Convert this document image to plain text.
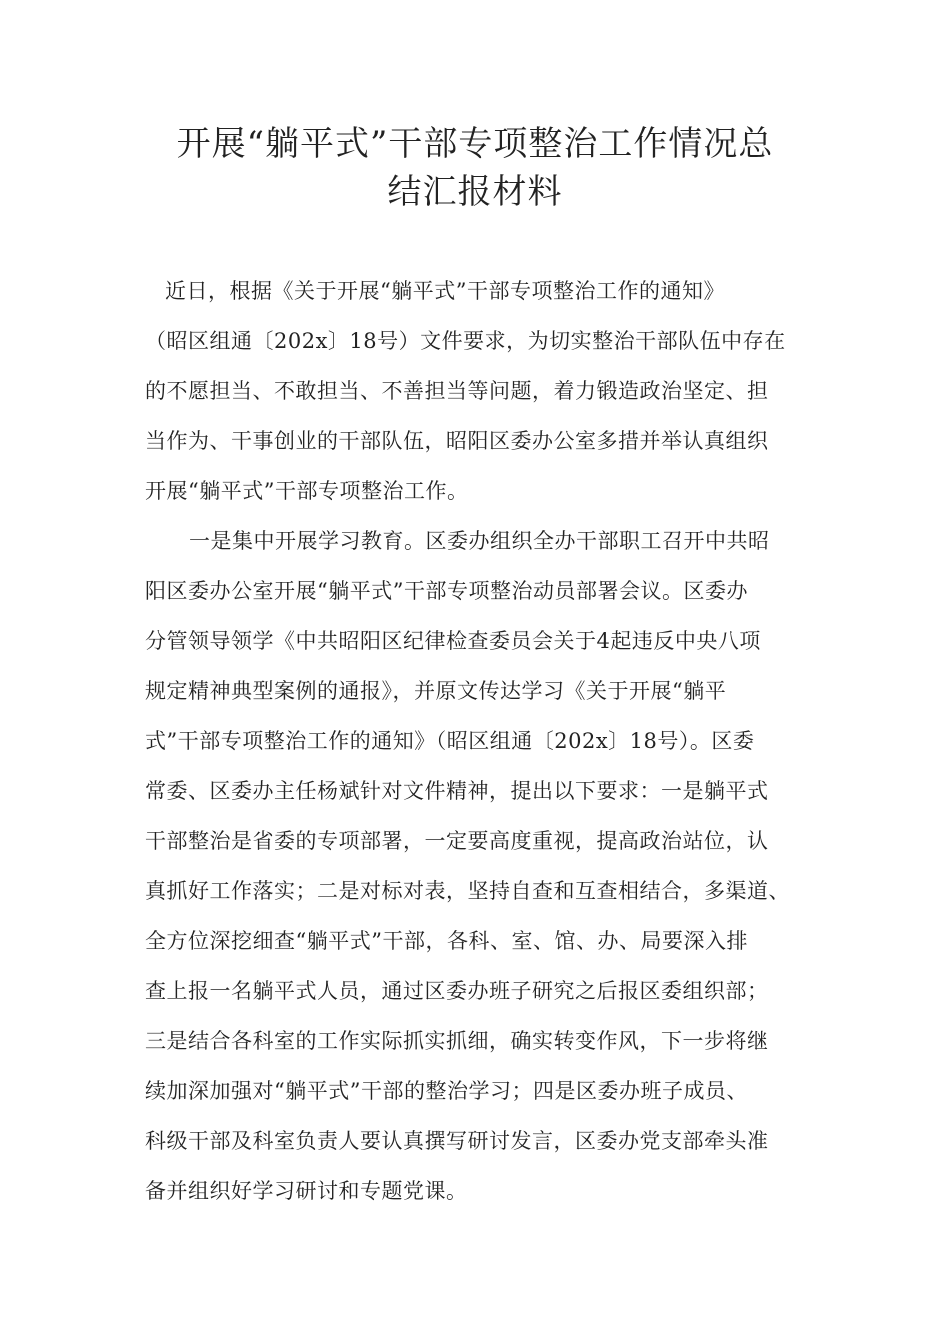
开展“躺平式”干部专项整治工作情况总
结汇报材料
近日，根据《关于开展“躺平式”干部专项整治工作的通知》
（昭区组通〔202x〕18号）文件要求，为切实整治干部队伍中存在
的不愿担当、不敢担当、不善担当等问题，着力锻造政治坚定、担
当作为、干事创业的干部队伍，昭阳区委办公室多措并举认真组织
开展“躺平式”干部专项整治工作。
一是集中开展学习教育。区委办组织全办干部职工召开中共昭
阳区委办公室开展“躺平式”干部专项整治动员部署会议。区委办
分管领导领学《中共昭阳区纪律检查委员会关于4起违反中央八项
规定精神典型案例的通报》，并原文传达学习《关于开展“躺平
式”干部专项整治工作的通知》（昭区组通〔202x〕18号）。区委
常委、区委办主任杨斌针对文件精神，提出以下要求：一是躺平式
干部整治是省委的专项部署，一定要高度重视，提高政治站位，认
真抓好工作落实；二是对标对表，坚持自查和互查相结合，多渠道、
全方位深挖细查“躺平式”干部，各科、室、馆、办、局要深入排
查上报一名躺平式人员，通过区委办班子研究之后报区委组织部；
三是结合各科室的工作实际抓实抓细，确实转变作风，下一步将继
续加深加强对“躺平式”干部的整治学习；四是区委办班子成员、
科级干部及科室负责人要认真撰写研讨发言，区委办党支部牵头准
备并组织好学习研讨和专题党课。
